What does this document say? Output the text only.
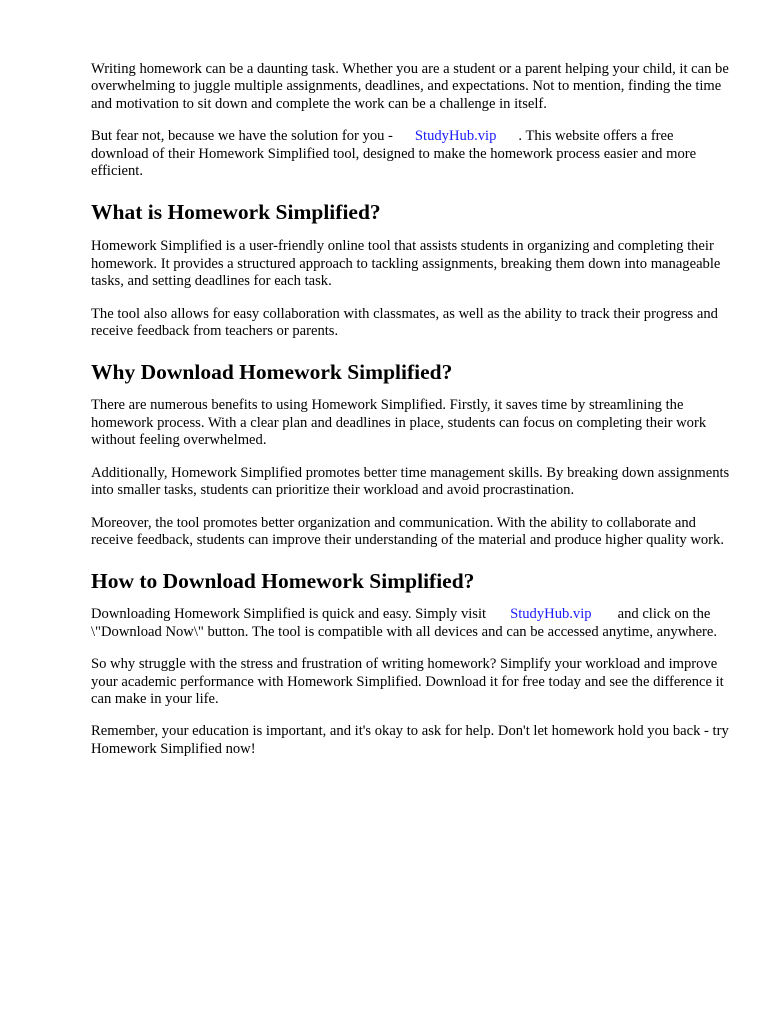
Writing homework can be a daunting task. Whether you are a student or a parent helping your child, it can be overwhelming to juggle multiple assignments, deadlines, and expectations. Not to mention, finding the time and motivation to sit down and complete the work can be a challenge in itself.

But fear not, because we have the solution for you - StudyHub.vip . This website offers a free download of their Homework Simplified tool, designed to make the homework process easier and more efficient.

What is Homework Simplified?

Homework Simplified is a user-friendly online tool that assists students in organizing and completing their homework. It provides a structured approach to tackling assignments, breaking them down into manageable tasks, and setting deadlines for each task.

The tool also allows for easy collaboration with classmates, as well as the ability to track their progress and receive feedback from teachers or parents.

Why Download Homework Simplified?

There are numerous benefits to using Homework Simplified. Firstly, it saves time by streamlining the homework process. With a clear plan and deadlines in place, students can focus on completing their work without feeling overwhelmed.

Additionally, Homework Simplified promotes better time management skills. By breaking down assignments into smaller tasks, students can prioritize their workload and avoid procrastination.

Moreover, the tool promotes better organization and communication. With the ability to collaborate and receive feedback, students can improve their understanding of the material and produce higher quality work.

How to Download Homework Simplified?

Downloading Homework Simplified is quick and easy. Simply visit StudyHub.vip and click on the \"Download Now\" button. The tool is compatible with all devices and can be accessed anytime, anywhere.

So why struggle with the stress and frustration of writing homework? Simplify your workload and improve your academic performance with Homework Simplified. Download it for free today and see the difference it can make in your life.

Remember, your education is important, and it's okay to ask for help. Don't let homework hold you back - try Homework Simplified now!
